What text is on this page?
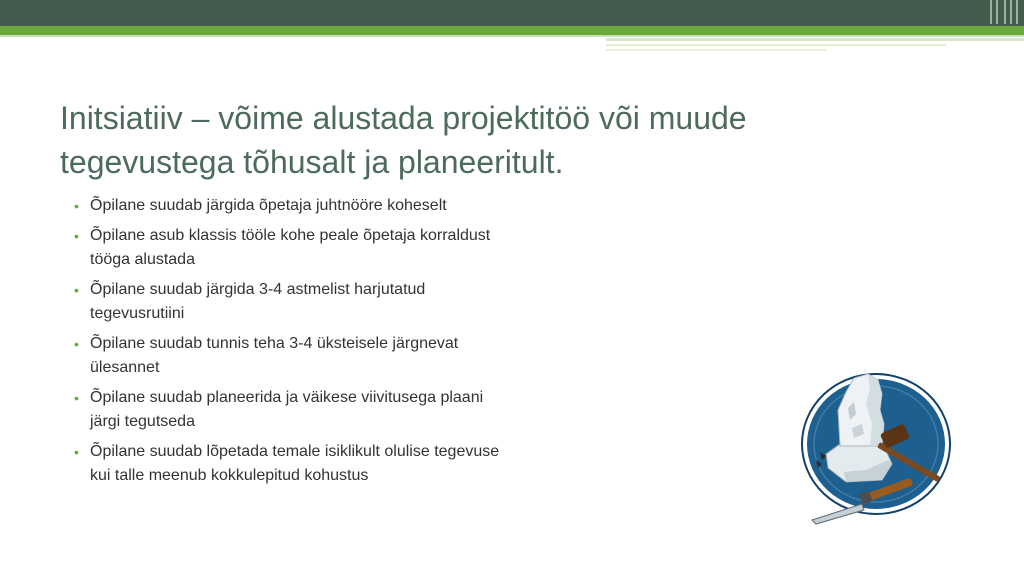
Initsiatiiv – võime alustada projektitöö või muude tegevustega tõhusalt ja planeeritult.
• Õpilane suudab järgida õpetaja juhtnööre koheselt
• Õpilane asub klassis tööle kohe peale õpetaja korraldust tööga alustada
• Õpilane suudab järgida 3-4 astmelist harjutatud tegevusrutiini
• Õpilane suudab tunnis teha 3-4 üksteisele järgnevat ülesannet
• Õpilane suudab planeerida ja väikese viivitusega plaani järgi tegutseda
• Õpilane suudab lõpetada temale isiklikult olulise tegevuse kui talle meenub kokkulepitud kohustus
